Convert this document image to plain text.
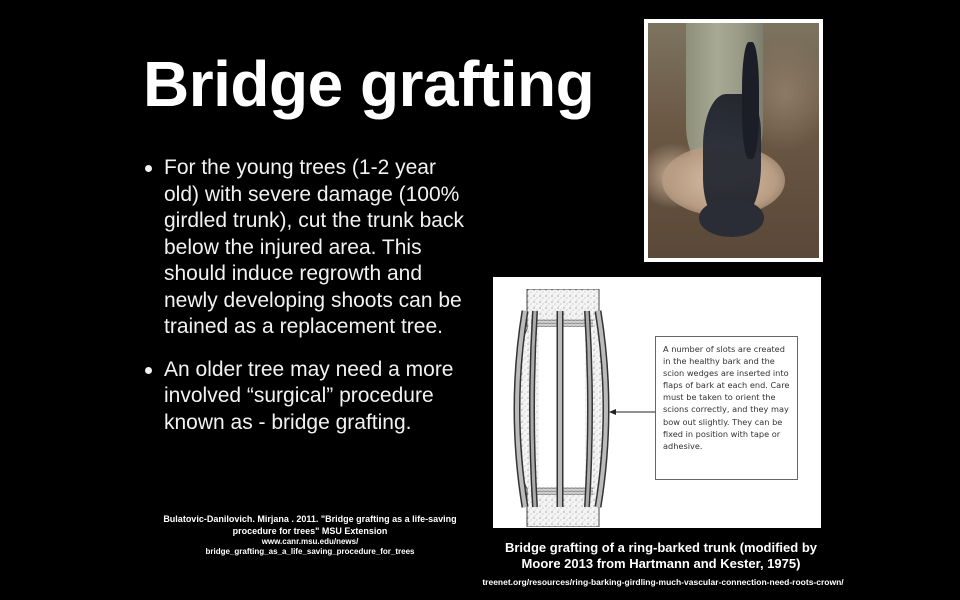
Bridge grafting
For the young trees (1-2 year old) with severe damage (100% girdled trunk), cut the trunk back below the injured area. This should induce regrowth and newly developing shoots can be trained as a replacement tree.
An older tree may need a more involved “surgical” procedure known as - bridge grafting.
Bulatovic-Danilovich. Mirjana . 2011. "Bridge grafting as a life-saving procedure for trees" MSU Extension
www.canr.msu.edu/news/
bridge_grafting_as_a_life_saving_procedure_for_trees
A number of slots are created in the healthy bark and the scion wedges are inserted into flaps of bark at each end. Care must be taken to orient the scions correctly, and they may bow out slightly. They can be fixed in position with tape or adhesive.
Bridge grafting of a ring-barked trunk (modified by Moore 2013 from Hartmann and Kester, 1975)
treenet.org/resources/ring-barking-girdling-much-vascular-connection-need-roots-crown/
